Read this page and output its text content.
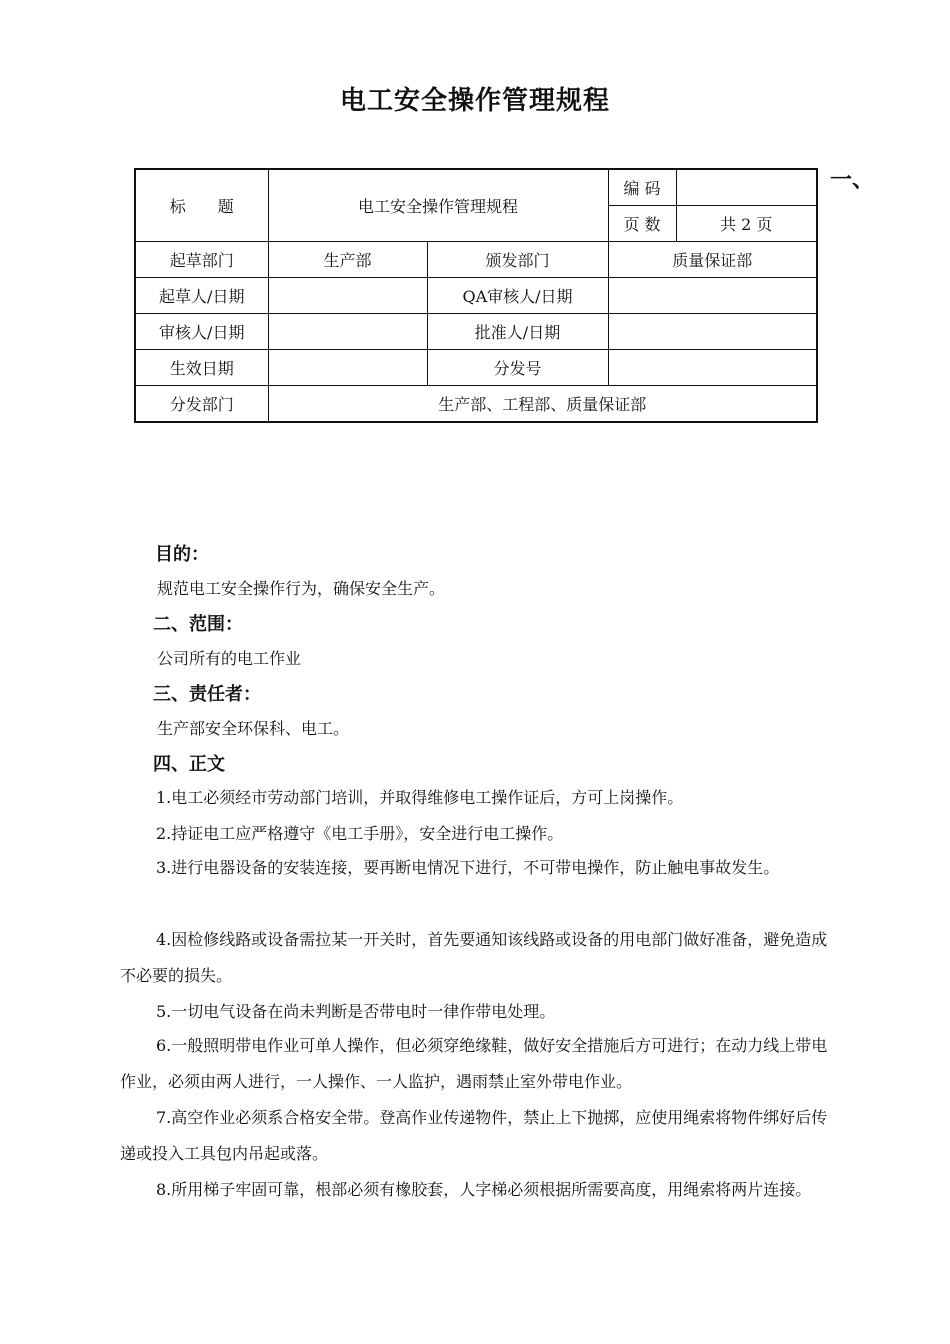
电工安全操作管理规程
一、
标　　题	电工安全操作管理规程		编 码	
			页 数	共 2 页
起草部门	生产部	颁发部门	质量保证部	
起草人/日期		QA审核人/日期		
审核人/日期		批准人/日期		
生效日期		分发号		
分发部门	生产部、工程部、质量保证部			
目的：
规范电工安全操作行为，确保安全生产。
二、范围：
公司所有的电工作业
三、责任者：
生产部安全环保科、电工。
四、正文
1.电工必须经市劳动部门培训，并取得维修电工操作证后，方可上岗操作。
2.持证电工应严格遵守《电工手册》，安全进行电工操作。
3.进行电器设备的安装连接，要再断电情况下进行，不可带电操作，防止触电事故发生。
4.因检修线路或设备需拉某一开关时，首先要通知该线路或设备的用电部门做好准备，避免造成不必要的损失。
5.一切电气设备在尚未判断是否带电时一律作带电处理。
6.一般照明带电作业可单人操作，但必须穿绝缘鞋，做好安全措施后方可进行；在动力线上带电作业，必须由两人进行，一人操作、一人监护，遇雨禁止室外带电作业。
7.高空作业必须系合格安全带。登高作业传递物件，禁止上下抛掷，应使用绳索将物件绑好后传递或投入工具包内吊起或落。
8.所用梯子牢固可靠，根部必须有橡胶套，人字梯必须根据所需要高度，用绳索将两片连接。
